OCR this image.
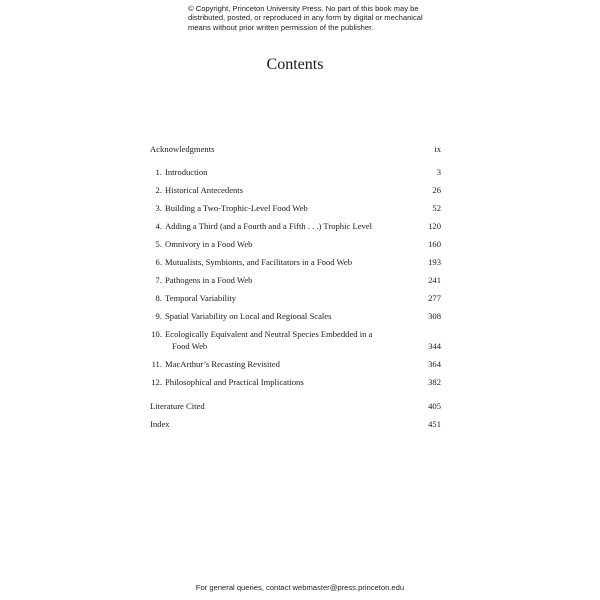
© Copyright, Princeton University Press. No part of this book may be
distributed, posted, or reproduced in any form by digital or mechanical
means without prior written permission of the publisher.
Contents
Acknowledgments	ix
1. Introduction	3
2. Historical Antecedents	26
3. Building a Two-Trophic-Level Food Web	52
4. Adding a Third (and a Fourth and a Fifth . . .) Trophic Level	120
5. Omnivory in a Food Web	160
6. Mutualists, Symbionts, and Facilitators in a Food Web	193
7. Pathogens in a Food Web	241
8. Temporal Variability	277
9. Spatial Variability on Local and Regional Scales	308
10. Ecologically Equivalent and Neutral Species Embedded in a
Food Web	344
11. MacArthur’s Recasting Revisited	364
12. Philosophical and Practical Implications	382
Literature Cited	405
Index	451
For general queries, contact webmaster@press.princeton.edu
